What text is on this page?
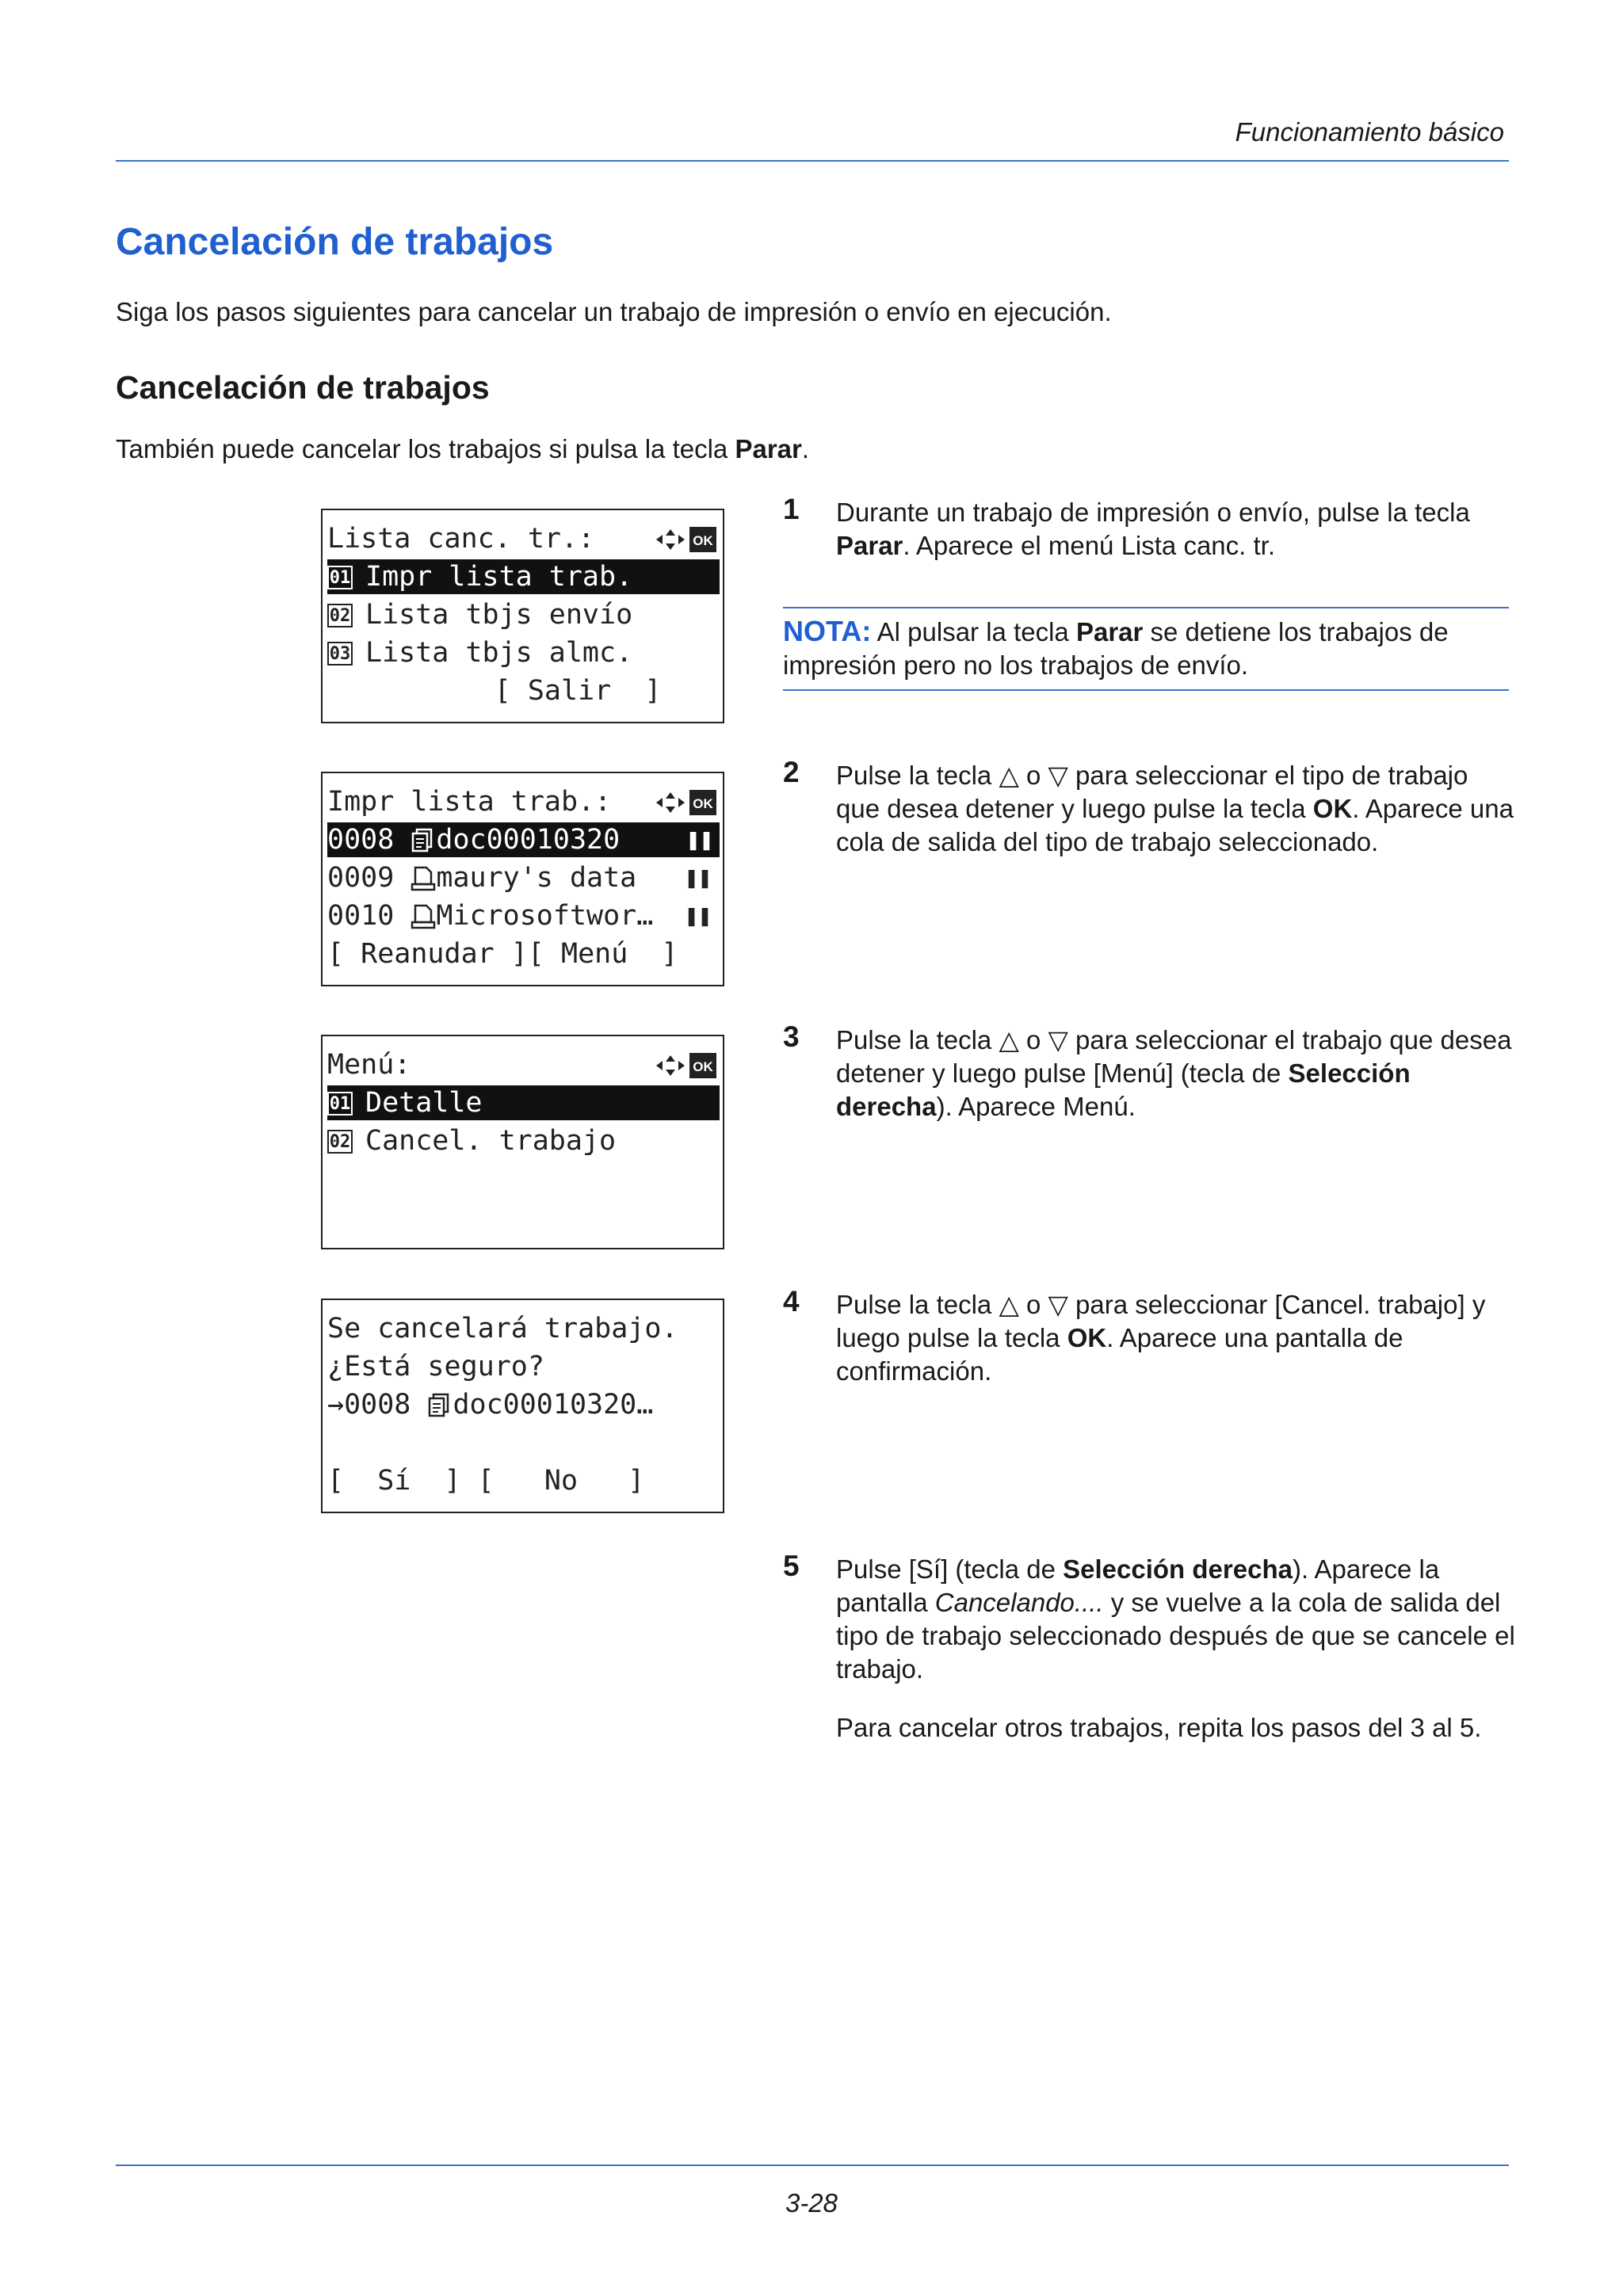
Funcionamiento básico
Cancelación de trabajos
Siga los pasos siguientes para cancelar un trabajo de impresión o envío en ejecución.
Cancelación de trabajos
También puede cancelar los trabajos si pulsa la tecla Parar.
Lista canc. tr.:	OK
01 Impr lista trab.
02 Lista tbjs envío
03 Lista tbjs almc.
[ Salir  ]
Impr lista trab.:	OK
0008 doc00010320	❚❚
0009 maury's data ❚❚
0010 Microsoftwor… ❚❚
[ Reanudar ][ Menú  ]
Menú:	OK
01 Detalle
02 Cancel. trabajo
Se cancelará trabajo.
¿Está seguro?
→0008 doc00010320…
[  Sí  ] [   No   ]
1 Durante un trabajo de impresión o envío, pulse la tecla Parar. Aparece el menú Lista canc. tr.
NOTA: Al pulsar la tecla Parar se detiene los trabajos de impresión pero no los trabajos de envío.
2 Pulse la tecla △ o ▽ para seleccionar el tipo de trabajo que desea detener y luego pulse la tecla OK. Aparece una cola de salida del tipo de trabajo seleccionado.
3 Pulse la tecla △ o ▽ para seleccionar el trabajo que desea detener y luego pulse [Menú] (tecla de Selección derecha). Aparece Menú.
4 Pulse la tecla △ o ▽ para seleccionar [Cancel. trabajo] y luego pulse la tecla OK. Aparece una pantalla de confirmación.
5 Pulse [Sí] (tecla de Selección derecha). Aparece la pantalla Cancelando.... y se vuelve a la cola de salida del tipo de trabajo seleccionado después de que se cancele el trabajo.
Para cancelar otros trabajos, repita los pasos del 3 al 5.
3-28
